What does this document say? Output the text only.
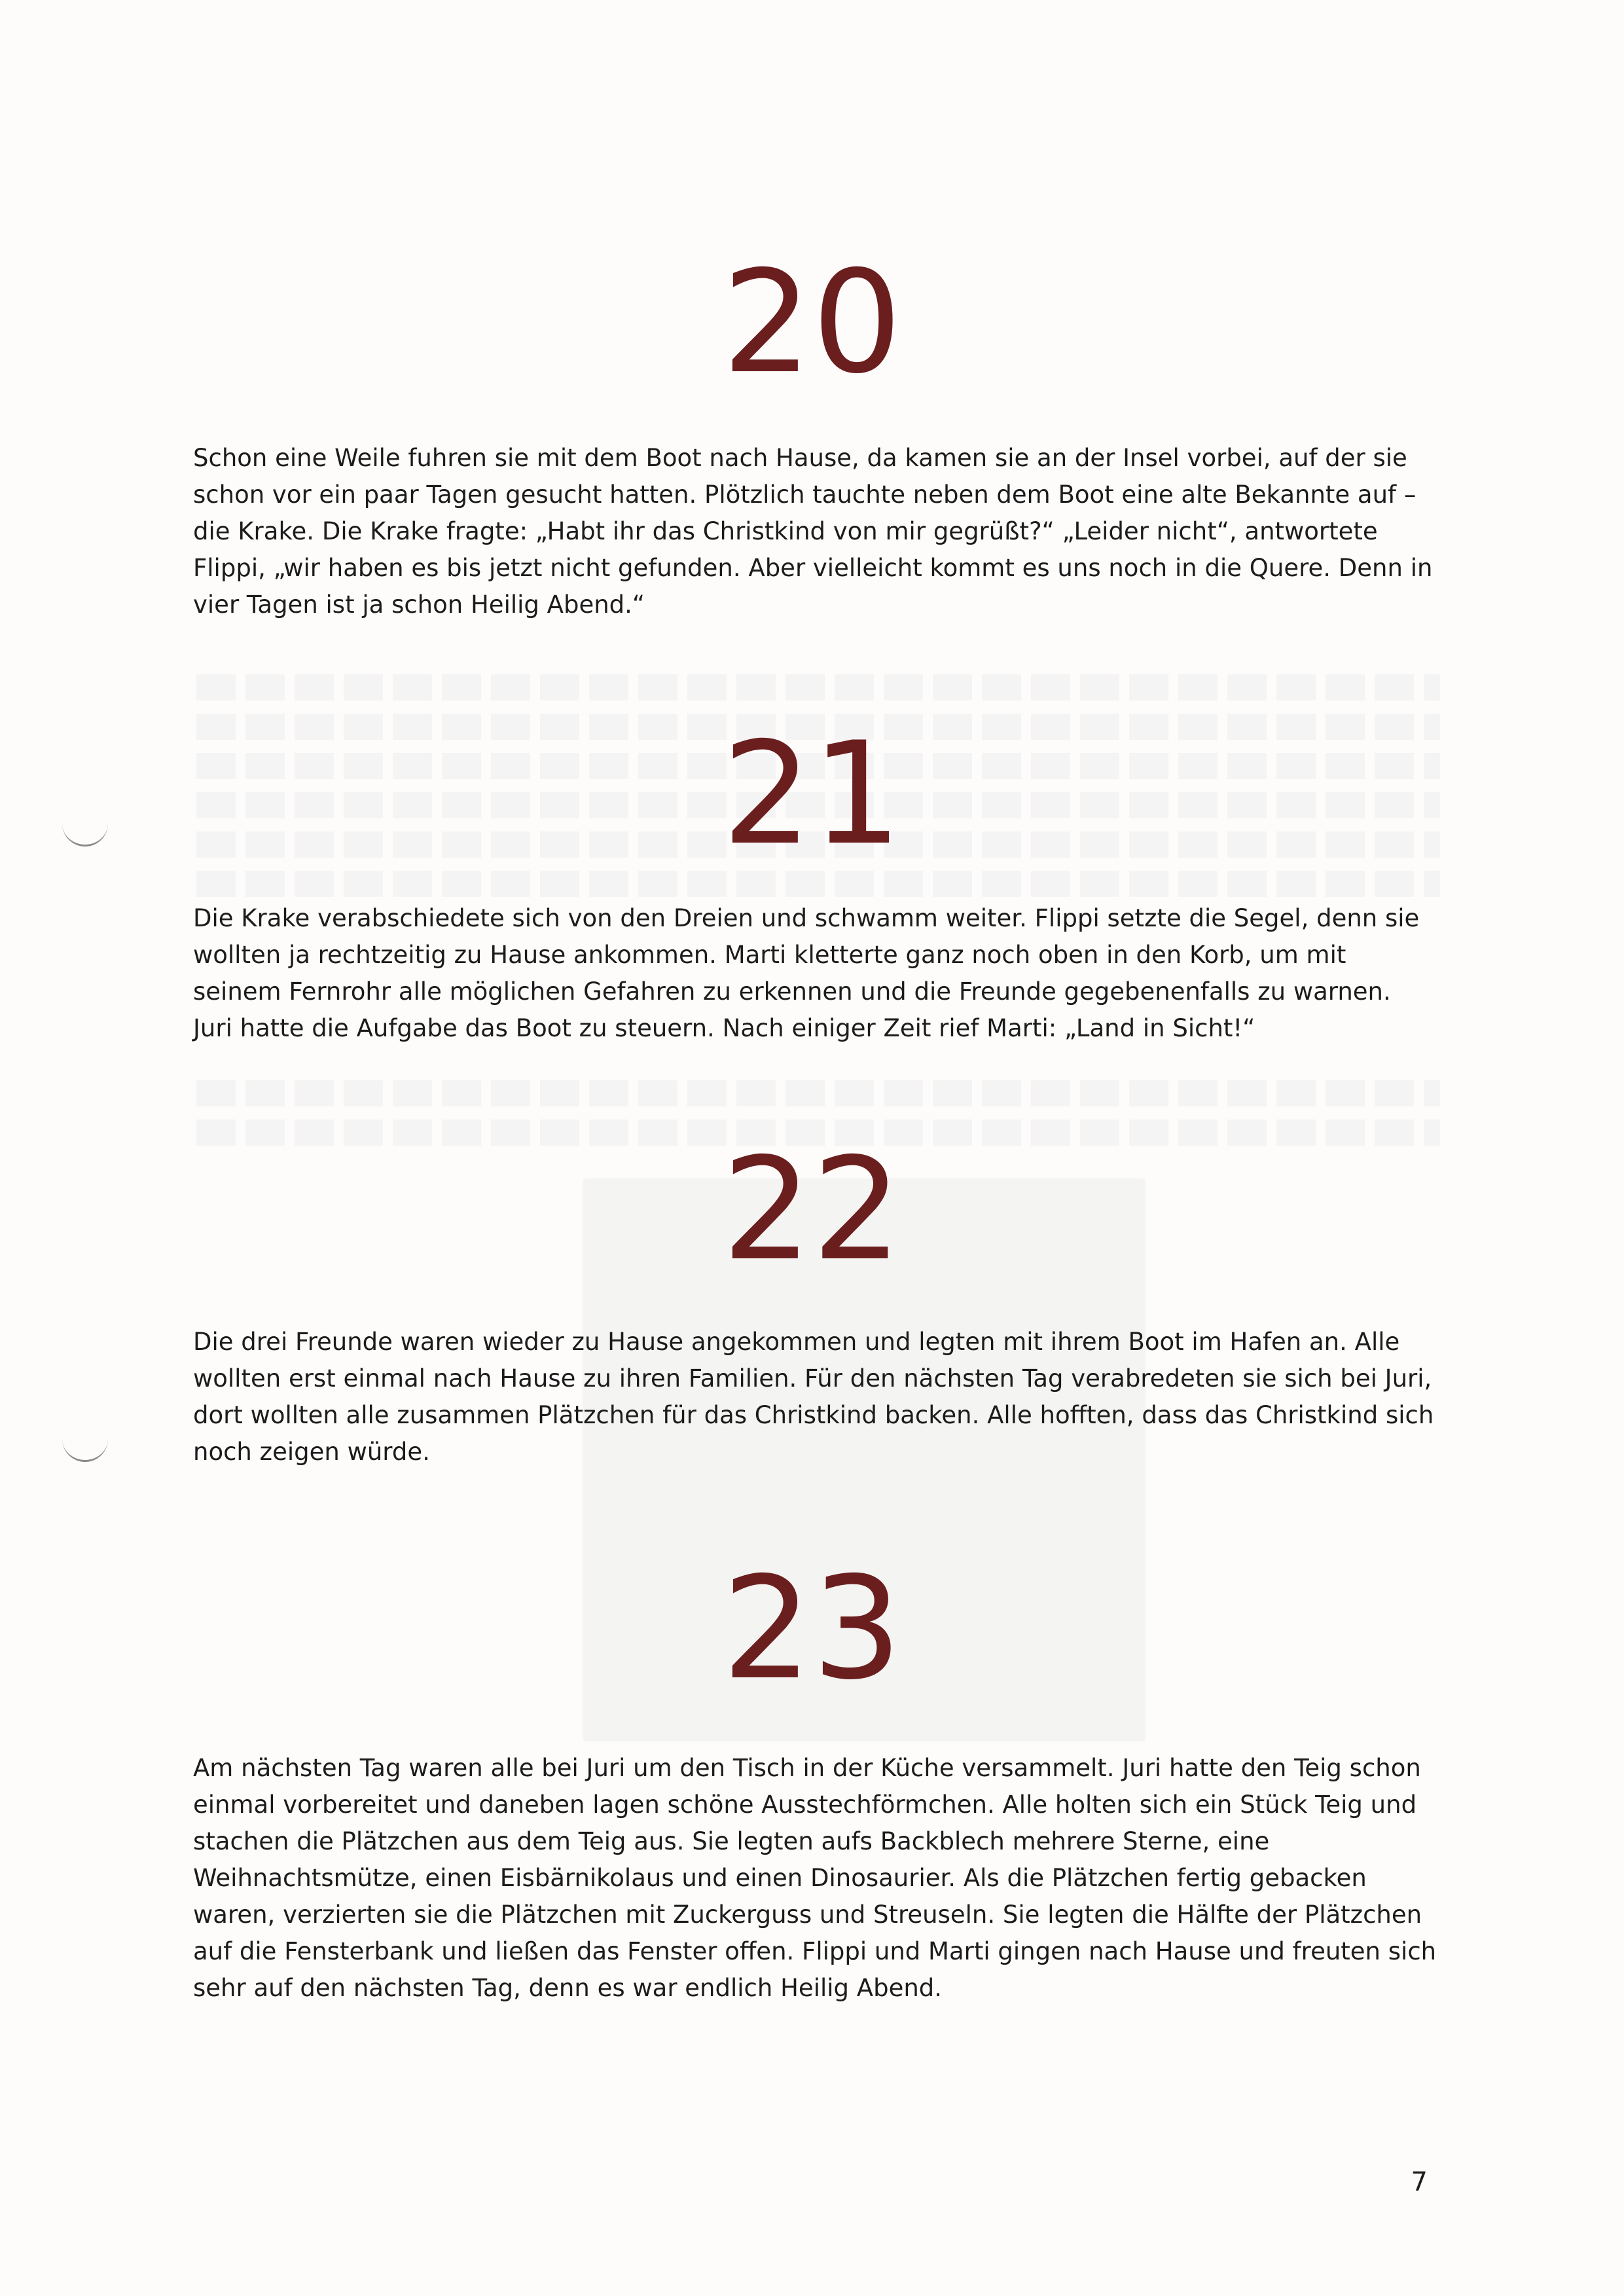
20

Schon eine Weile fuhren sie mit dem Boot nach Hause, da kamen sie an der Insel vorbei, auf der sie schon vor ein paar Tagen gesucht hatten. Plötzlich tauchte neben dem Boot eine alte Bekannte auf – die Krake. Die Krake fragte: „Habt ihr das Christkind von mir gegrüßt?“ „Leider nicht“, antwortete Flippi, „wir haben es bis jetzt nicht gefunden. Aber vielleicht kommt es uns noch in die Quere. Denn in vier Tagen ist ja schon Heilig Abend.“

21

Die Krake verabschiedete sich von den Dreien und schwamm weiter. Flippi setzte die Segel, denn sie wollten ja rechtzeitig zu Hause ankommen. Marti kletterte ganz noch oben in den Korb, um mit seinem Fernrohr alle möglichen Gefahren zu erkennen und die Freunde gegebenenfalls zu warnen. Juri hatte die Aufgabe das Boot zu steuern. Nach einiger Zeit rief Marti: „Land in Sicht!“

22

Die drei Freunde waren wieder zu Hause angekommen und legten mit ihrem Boot im Hafen an. Alle wollten erst einmal nach Hause zu ihren Familien. Für den nächsten Tag verabredeten sie sich bei Juri, dort wollten alle zusammen Plätzchen für das Christkind backen. Alle hofften, dass das Christkind sich noch zeigen würde.

23

Am nächsten Tag waren alle bei Juri um den Tisch in der Küche versammelt. Juri hatte den Teig schon einmal vorbereitet und daneben lagen schöne Ausstechförmchen. Alle holten sich ein Stück Teig und stachen die Plätzchen aus dem Teig aus. Sie legten aufs Backblech mehrere Sterne, eine Weihnachtsmütze, einen Eisbärnikolaus und einen Dinosaurier. Als die Plätzchen fertig gebacken waren, verzierten sie die Plätzchen mit Zuckerguss und Streuseln. Sie legten die Hälfte der Plätzchen auf die Fensterbank und ließen das Fenster offen. Flippi und Marti gingen nach Hause und freuten sich sehr auf den nächsten Tag, denn es war endlich Heilig Abend.

7
